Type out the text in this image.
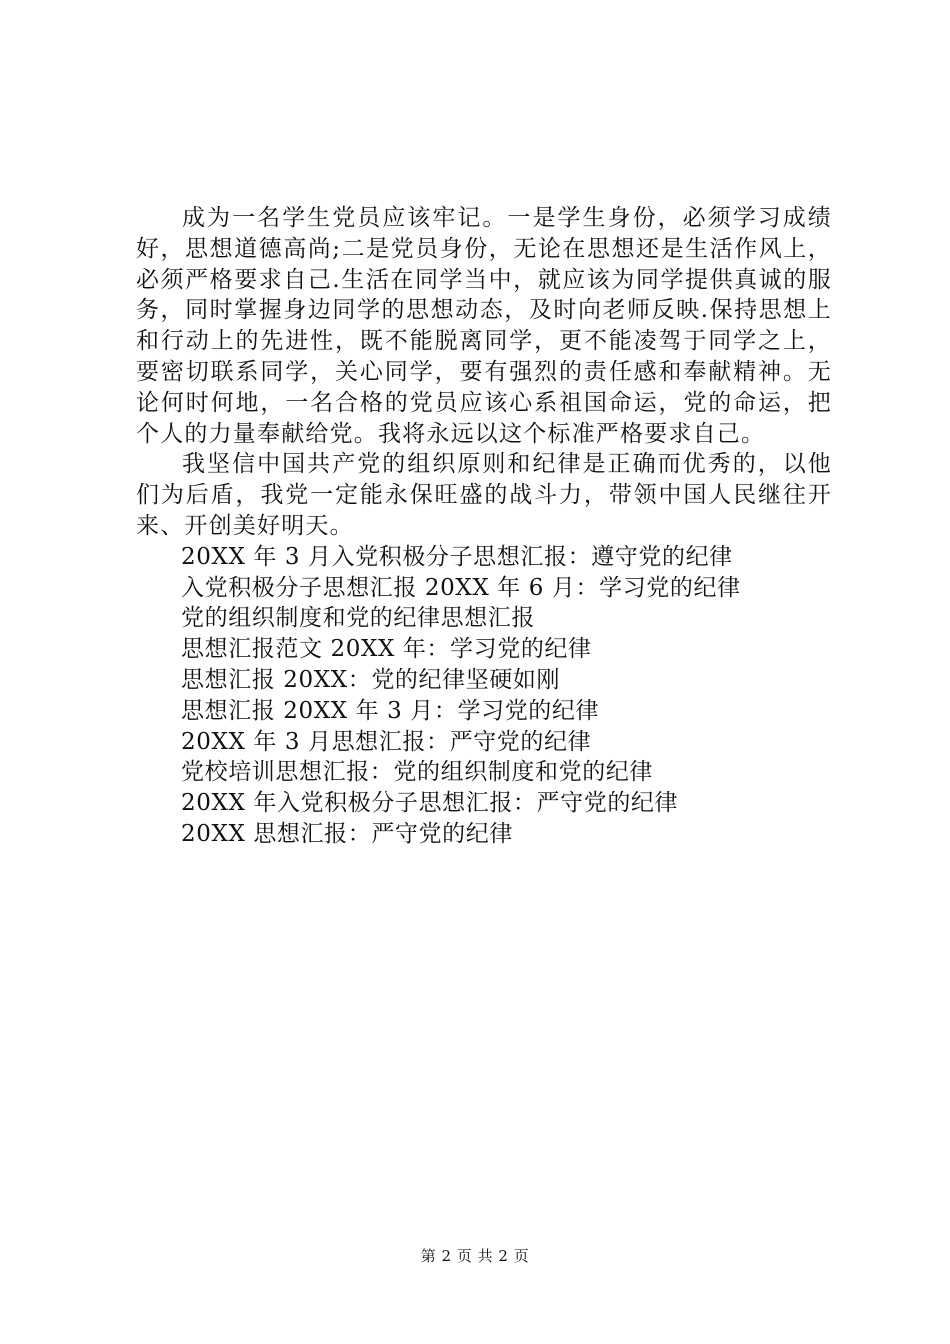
成为一名学生党员应该牢记。一是学生身份，必须学习成绩好，思想道德高尚;二是党员身份，无论在思想还是生活作风上，必须严格要求自己.生活在同学当中，就应该为同学提供真诚的服务，同时掌握身边同学的思想动态，及时向老师反映.保持思想上和行动上的先进性，既不能脱离同学，更不能凌驾于同学之上，要密切联系同学，关心同学，要有强烈的责任感和奉献精神。无论何时何地，一名合格的党员应该心系祖国命运，党的命运，把个人的力量奉献给党。我将永远以这个标准严格要求自己。

我坚信中国共产党的组织原则和纪律是正确而优秀的，以他们为后盾，我党一定能永保旺盛的战斗力，带领中国人民继往开来、开创美好明天。

20XX 年 3 月入党积极分子思想汇报：遵守党的纪律
入党积极分子思想汇报 20XX 年 6 月：学习党的纪律
党的组织制度和党的纪律思想汇报
思想汇报范文 20XX 年：学习党的纪律
思想汇报 20XX：党的纪律坚硬如刚
思想汇报 20XX 年 3 月：学习党的纪律
20XX 年 3 月思想汇报：严守党的纪律
党校培训思想汇报：党的组织制度和党的纪律
20XX 年入党积极分子思想汇报：严守党的纪律
20XX 思想汇报：严守党的纪律
第 2 页 共 2 页
